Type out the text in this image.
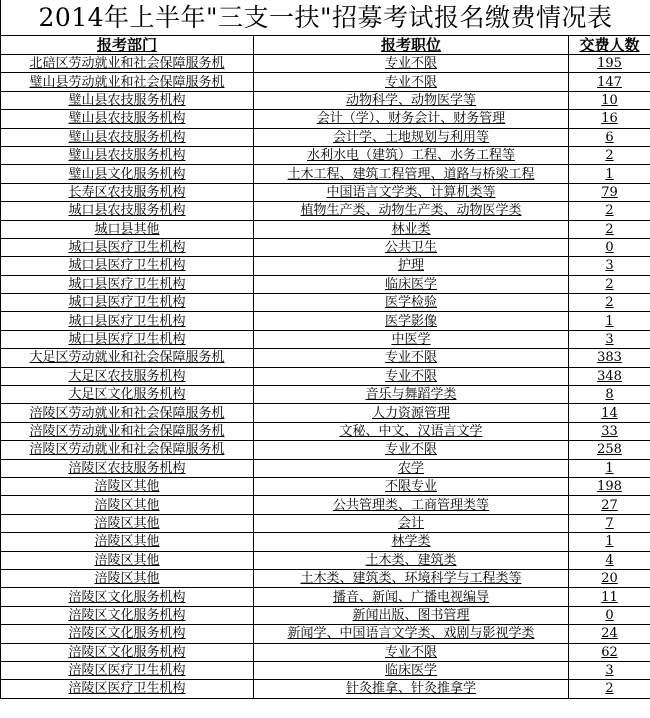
2014年上半年"三支一扶"招募考试报名缴费情况表
报考部门	报考职位	交费人数
北碚区劳动就业和社会保障服务机	专业不限	195
璧山县劳动就业和社会保障服务机	专业不限	147
璧山县农技服务机构	动物科学、动物医学等	10
璧山县农技服务机构	会计（学）、财务会计、财务管理	16
璧山县农技服务机构	会计学、土地规划与利用等	6
璧山县农技服务机构	水利水电（建筑）工程、水务工程等	2
璧山县文化服务机构	土木工程、建筑工程管理、道路与桥梁工程	1
长寿区农技服务机构	中国语言文学类、计算机类等	79
城口县农技服务机构	植物生产类、动物生产类、动物医学类	2
城口县其他	林业类	2
城口县医疗卫生机构	公共卫生	0
城口县医疗卫生机构	护理	3
城口县医疗卫生机构	临床医学	2
城口县医疗卫生机构	医学检验	2
城口县医疗卫生机构	医学影像	1
城口县医疗卫生机构	中医学	3
大足区劳动就业和社会保障服务机	专业不限	383
大足区农技服务机构	专业不限	348
大足区文化服务机构	音乐与舞蹈学类	8
涪陵区劳动就业和社会保障服务机	人力资源管理	14
涪陵区劳动就业和社会保障服务机	文秘、中文、汉语言文学	33
涪陵区劳动就业和社会保障服务机	专业不限	258
涪陵区农技服务机构	农学	1
涪陵区其他	不限专业	198
涪陵区其他	公共管理类、工商管理类等	27
涪陵区其他	会计	7
涪陵区其他	林学类	1
涪陵区其他	土木类、建筑类	4
涪陵区其他	土木类、建筑类、环境科学与工程类等	20
涪陵区文化服务机构	播音、新闻、广播电视编导	11
涪陵区文化服务机构	新闻出版、图书管理	0
涪陵区文化服务机构	新闻学、中国语言文学类、戏剧与影视学类	24
涪陵区文化服务机构	专业不限	62
涪陵区医疗卫生机构	临床医学	3
涪陵区医疗卫生机构	针灸推拿、针灸推拿学	2
